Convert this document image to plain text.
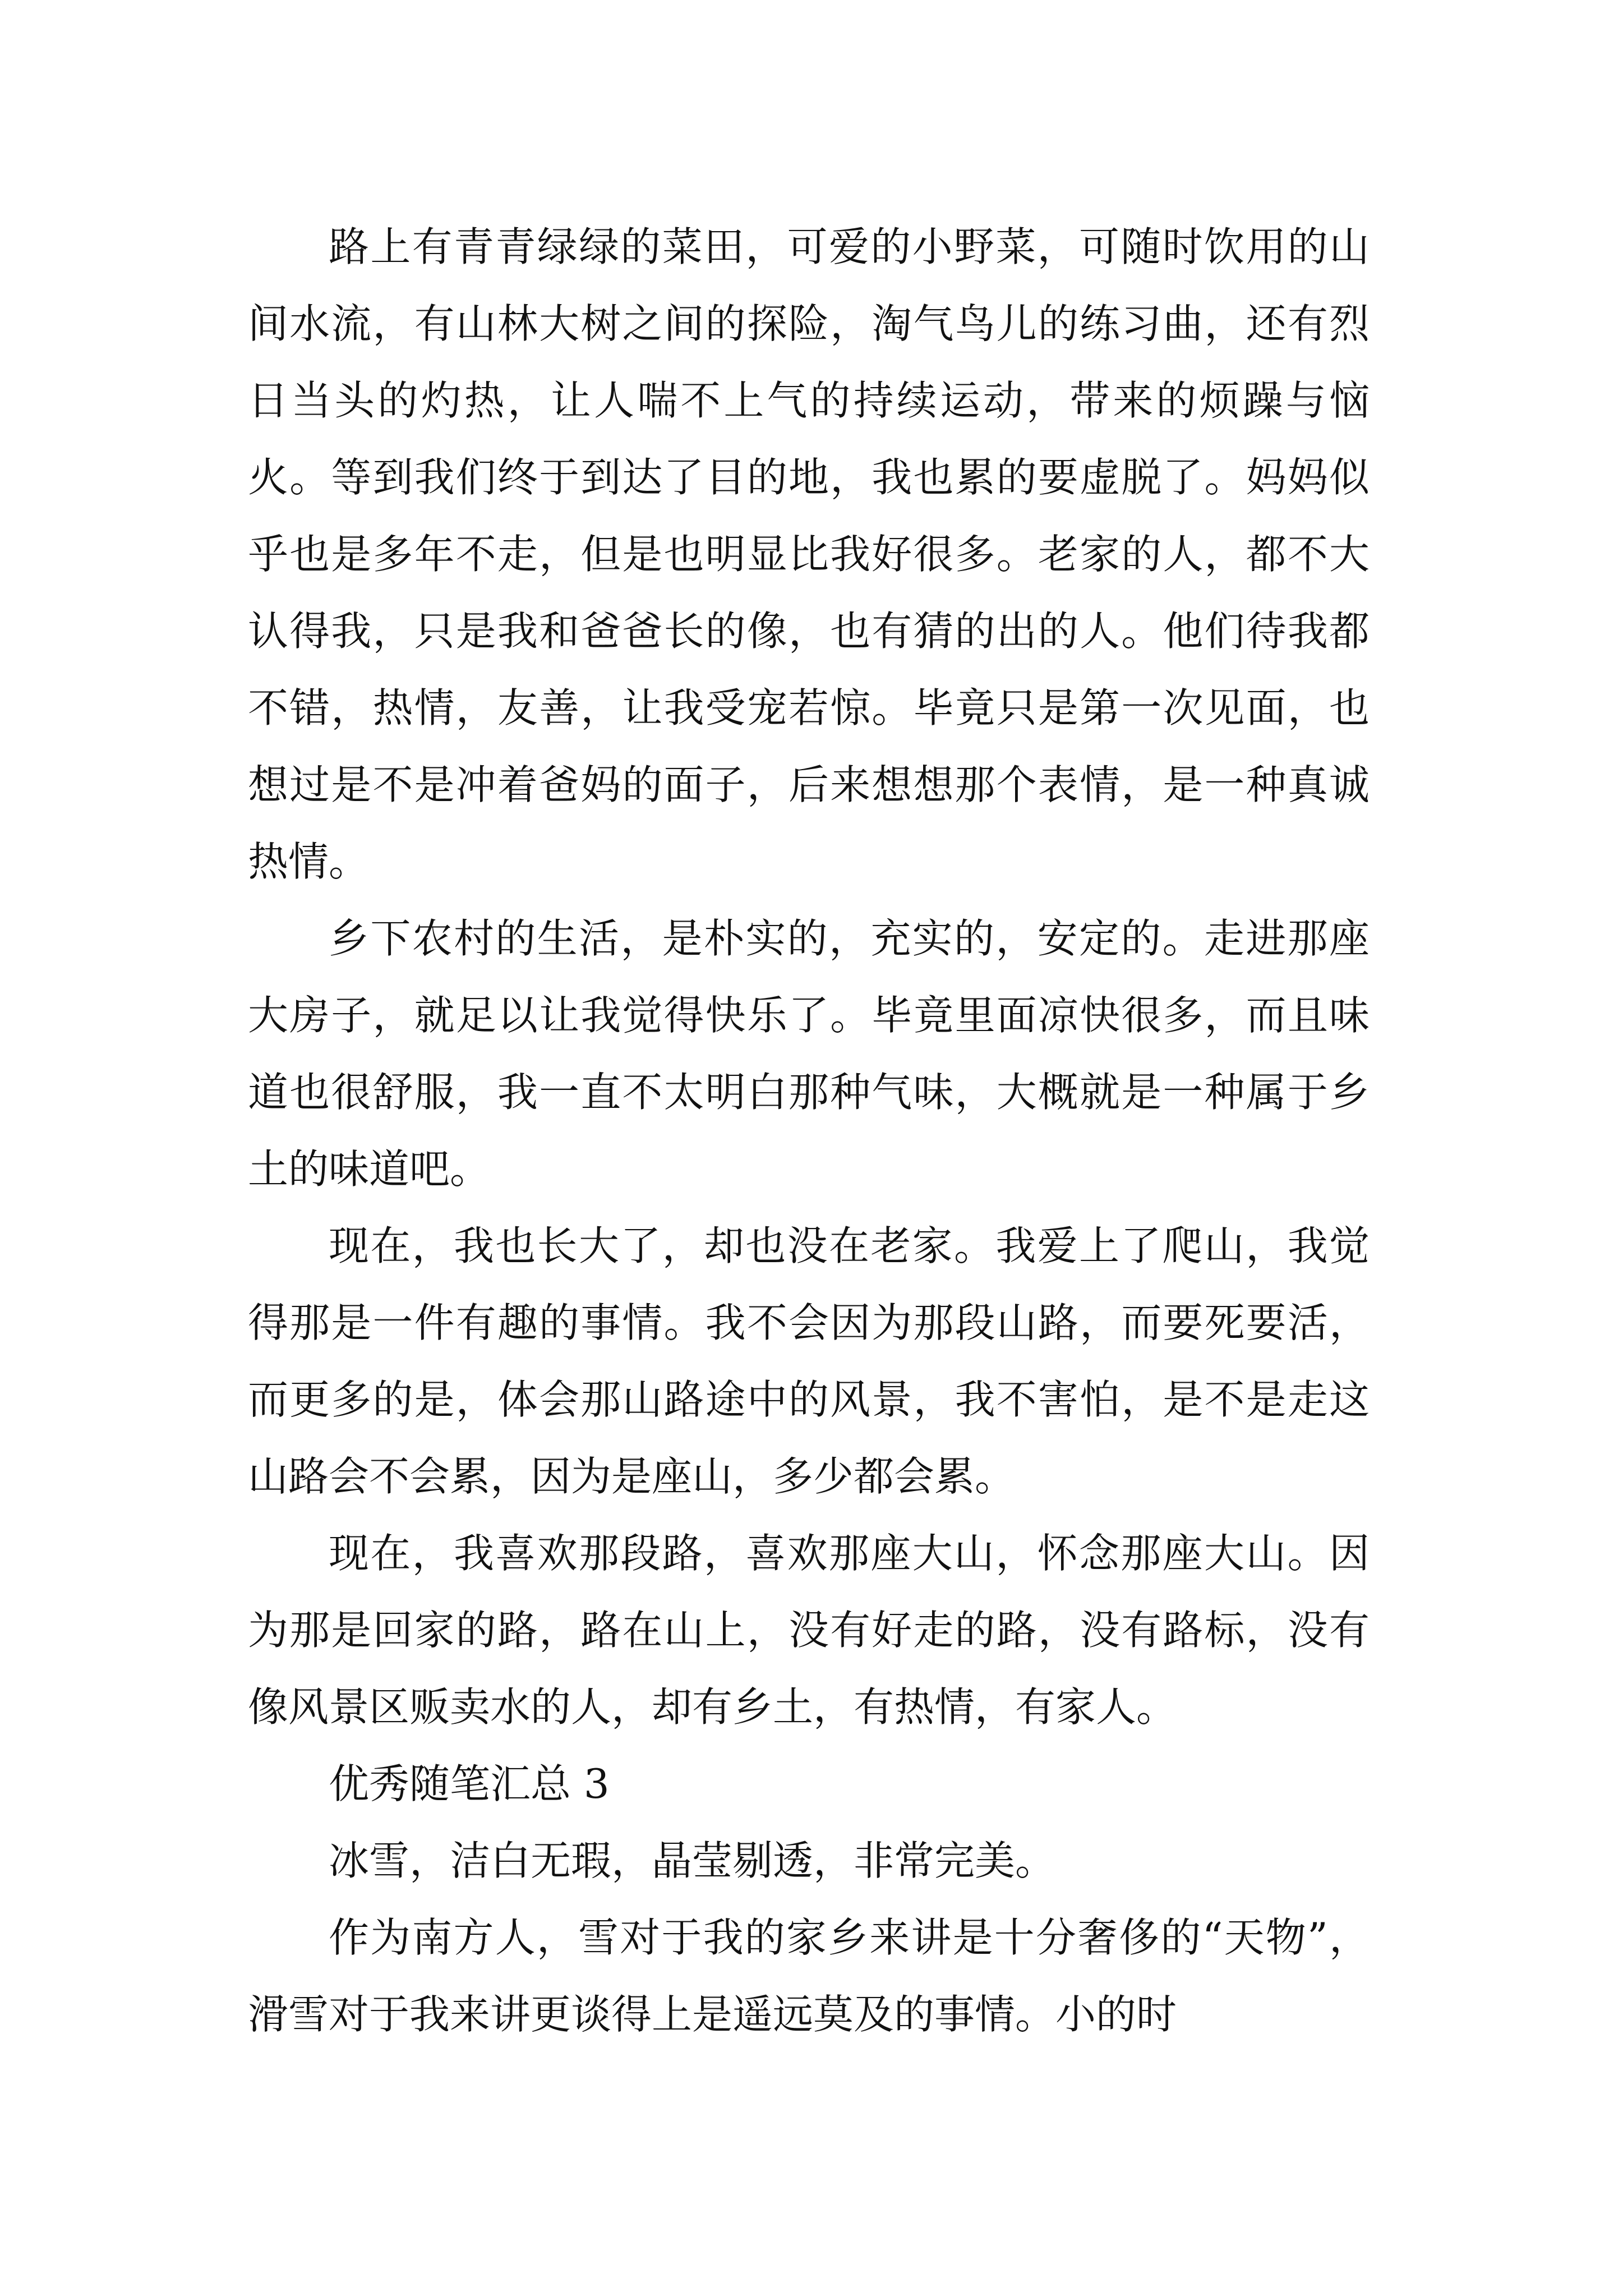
路上有青青绿绿的菜田，可爱的小野菜，可随时饮用的山间水流，有山林大树之间的探险，淘气鸟儿的练习曲，还有烈日当头的灼热，让人喘不上气的持续运动，带来的烦躁与恼火。等到我们终于到达了目的地，我也累的要虚脱了。妈妈似乎也是多年不走，但是也明显比我好很多。老家的人，都不大认得我，只是我和爸爸长的像，也有猜的出的人。他们待我都不错，热情，友善，让我受宠若惊。毕竟只是第一次见面，也想过是不是冲着爸妈的面子，后来想想那个表情，是一种真诚热情。

乡下农村的生活，是朴实的，充实的，安定的。走进那座大房子，就足以让我觉得快乐了。毕竟里面凉快很多，而且味道也很舒服，我一直不太明白那种气味，大概就是一种属于乡土的味道吧。

现在，我也长大了，却也没在老家。我爱上了爬山，我觉得那是一件有趣的事情。我不会因为那段山路，而要死要活，而更多的是，体会那山路途中的风景，我不害怕，是不是走这山路会不会累，因为是座山，多少都会累。

现在，我喜欢那段路，喜欢那座大山，怀念那座大山。因为那是回家的路，路在山上，没有好走的路，没有路标，没有像风景区贩卖水的人，却有乡土，有热情，有家人。

优秀随笔汇总 3

冰雪，洁白无瑕，晶莹剔透，非常完美。

作为南方人，雪对于我的家乡来讲是十分奢侈的“天物”，滑雪对于我来讲更谈得上是遥远莫及的事情。小的时
